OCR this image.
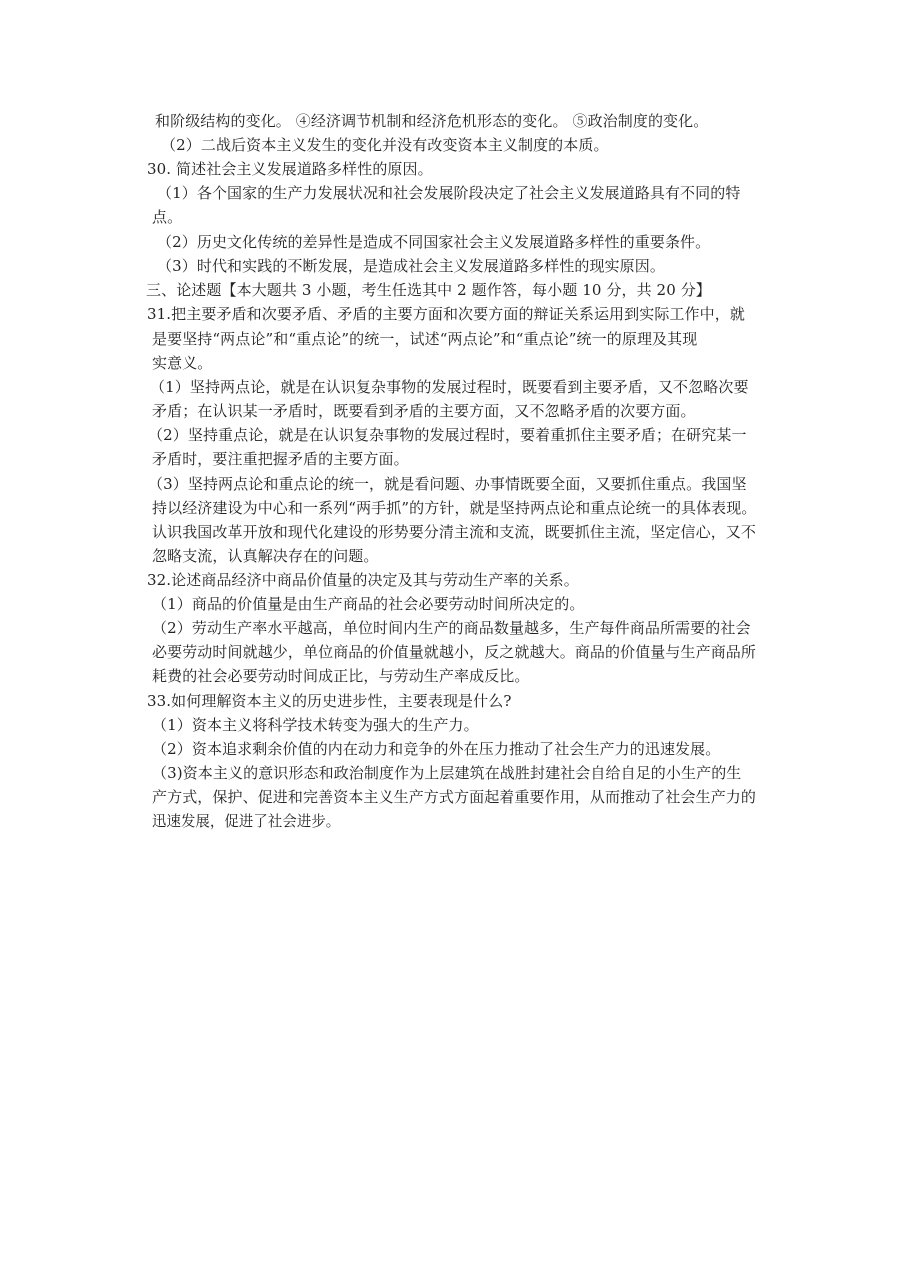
和阶级结构的变化。 ④经济调节机制和经济危机形态的变化。 ⑤政治制度的变化。
（2）二战后资本主义发生的变化并没有改变资本主义制度的本质。
30. 简述社会主义发展道路多样性的原因。
（1）各个国家的生产力发展状况和社会发展阶段决定了社会主义发展道路具有不同的特
点。
（2）历史文化传统的差异性是造成不同国家社会主义发展道路多样性的重要条件。
（3）时代和实践的不断发展，是造成社会主义发展道路多样性的现实原因。
三、论述题【本大题共 3 小题，考生任选其中 2 题作答，每小题 10 分，共 20 分】
31.把主要矛盾和次要矛盾、矛盾的主要方面和次要方面的辩证关系运用到实际工作中，就
是要坚持“两点论”和“重点论”的统一，试述“两点论”和“重点论”统一的原理及其现
实意义。
（1）坚持两点论，就是在认识复杂事物的发展过程时，既要看到主要矛盾，又不忽略次要
矛盾；在认识某一矛盾时，既要看到矛盾的主要方面，又不忽略矛盾的次要方面。
（2）坚持重点论，就是在认识复杂事物的发展过程时，要着重抓住主要矛盾；在研究某一
矛盾时，要注重把握矛盾的主要方面。
（3）坚持两点论和重点论的统一，就是看问题、办事情既要全面，又要抓住重点。我国坚
持以经济建设为中心和一系列“两手抓”的方针，就是坚持两点论和重点论统一的具体表现。
认识我国改革开放和现代化建设的形势要分清主流和支流，既要抓住主流，坚定信心，又不
忽略支流，认真解决存在的问题。
32.论述商品经济中商品价值量的决定及其与劳动生产率的关系。
（1）商品的价值量是由生产商品的社会必要劳动时间所决定的。
（2）劳动生产率水平越高，单位时间内生产的商品数量越多，生产每件商品所需要的社会
必要劳动时间就越少，单位商品的价值量就越小，反之就越大。商品的价值量与生产商品所
耗费的社会必要劳动时间成正比，与劳动生产率成反比。
33.如何理解资本主义的历史进步性，主要表现是什么?
（1）资本主义将科学技术转变为强大的生产力。
（2）资本追求剩余价值的内在动力和竞争的外在压力推动了社会生产力的迅速发展。
（3)资本主义的意识形态和政治制度作为上层建筑在战胜封建社会自给自足的小生产的生
产方式，保护、促进和完善资本主义生产方式方面起着重要作用，从而推动了社会生产力的
迅速发展，促进了社会进步。
